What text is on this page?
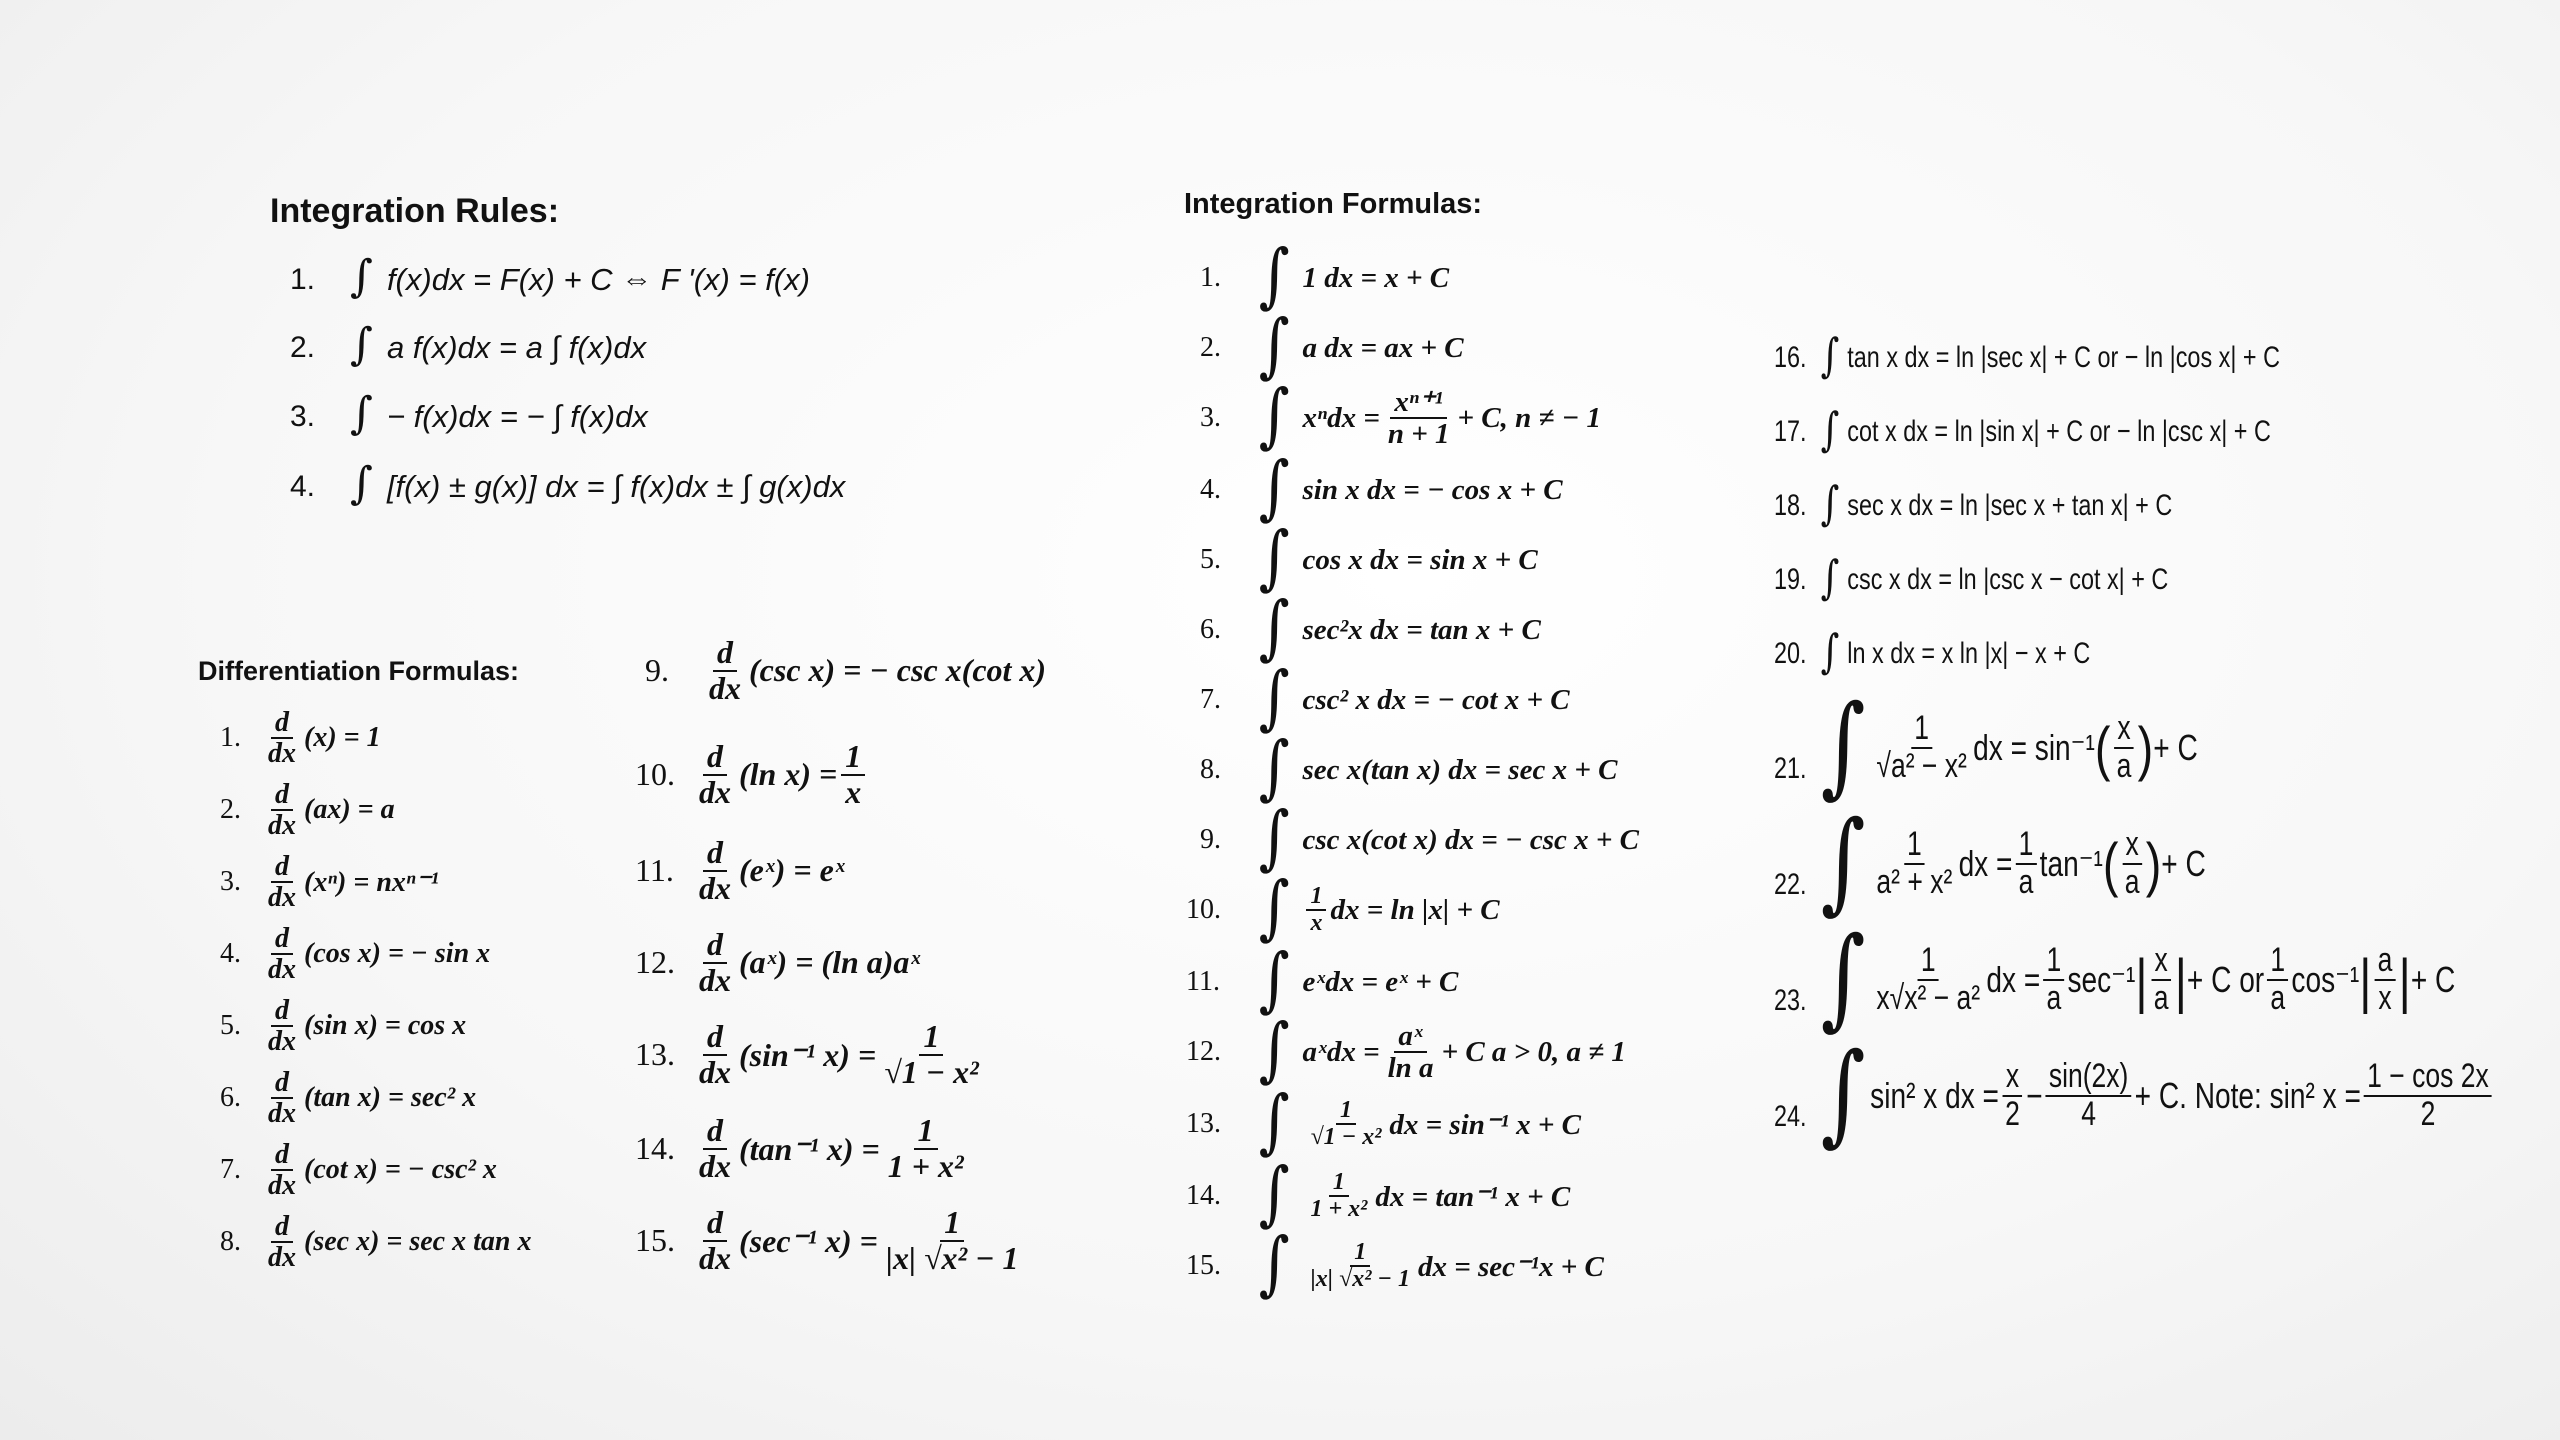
Integration Rules:
1. ∫ f(x)dx = F(x) + C ⇔ F '(x) = f(x)
2. ∫ a f(x)dx = a ∫ f(x)dx
3. ∫ − f(x)dx = − ∫ f(x)dx
4. ∫ [f(x) ± g(x)] dx = ∫ f(x)dx ± ∫ g(x)dx
Differentiation Formulas:
1. $\frac{d}{dx} (x) = 1$
2. $\frac{d}{dx} (ax) = a$
3. $\frac{d}{dx} (x^n) = nx^{n-1}$
4. $\frac{d}{dx} (\cos$ x) = − sin x
5. $\frac{d}{dx} (\sin$ x) = cos x
6. $\frac{d}{dx} (\tan$ x) = sec² x
7. $\frac{d}{dx} (\cot$ x) = − csc² x
8. $\frac{d}{dx} (\sec$ x) = sec x tan x
9.	$\frac{d}{dx} (\csc$ x) = − csc x(cot x)
10. $\frac{d}{dx} (\ln$ $x) = \frac{1}{x}$
11. $\frac{d}{dx}$ (eˣ) = eˣ
12. $\frac{d}{dx}$ (aˣ) = (ln a)aˣ
13. $\frac{d}{dx} (\sin^{-1}$ $x) = \frac{1}{\text{√1 − x²}}$
14. $\frac{d}{dx} (\tan^{-1}$ $x) = \frac{1}{\text{1 + x²}}$
15. $\frac{d}{dx} (\sec^{-1}$ $x) = \frac{1}{\text{|x| √x² − 1}}$
Integration Formulas:
1. ∫ 1 dx = x + C
2. ∫ a dx = ax + C
3. ∫ $x^ndx = \frac{\text{xⁿ⁺¹}}{n + 1} + C$, n ≠ − 1
4. ∫ sin x dx = − cos x + C
5. ∫ cos x dx = sin x + C
6. ∫ sec²x dx = tan x + C
7. ∫ csc² x dx = − cot x + C
8. ∫ sec x(tan x) dx = sec x + C
9. ∫ csc x(cot x) dx = − csc x + C
10. ∫ $\frac{1}{x}$ dx = ln |x| + C
11. ∫ eˣdx = eˣ + C
12. ∫ aˣdx = $\frac{\text{aˣ}}{\text{ln a}} + C$ a > 0, a ≠ 1
13. ∫ $\frac{1}{\text{√1 − x²}}$ dx = sin⁻¹ x + C
14. ∫ $\frac{1}{\text{1 + x²}}$ dx = tan⁻¹ x + C
15. ∫ $\frac{1}{\text{|x| √x² − 1}}$ dx = sec⁻¹x + C
16. ∫ tan x dx = ln |sec x| + C or − ln |cos x| + C
17. ∫ cot x dx = ln |sin x| + C or − ln |csc x| + C
18. ∫ sec x dx = ln |sec x + tan x| + C
19. ∫ csc x dx = ln |csc x − cot x| + C
20. ∫ ln x dx = x ln |x| − x + C
21. ∫ $\frac{1}{\text{√a² − x²}}$ dx = sin⁻¹ ( $\frac{x}{a}$ ) + C
22. ∫ $\frac{1}{\text{a² + x²}}$ dx = $\frac{1}{a} \tan^{-1}$ ( $\frac{x}{a}$ ) + C
23. ∫ $\frac{1}{\text{x√x² − a²}}$ dx = $\frac{1}{a} \sec^{-1}$ | $\frac{x}{a}$ | + C or $\frac{1}{a} \cos^{-1}$ | $\frac{a}{x}$ | + C
24. ∫ sin² x dx = $\frac{x}{2} - \frac{\sin(2x)}{4} + C$. Note: sin² $x = \frac{1 - \cos 2x}{2}$
